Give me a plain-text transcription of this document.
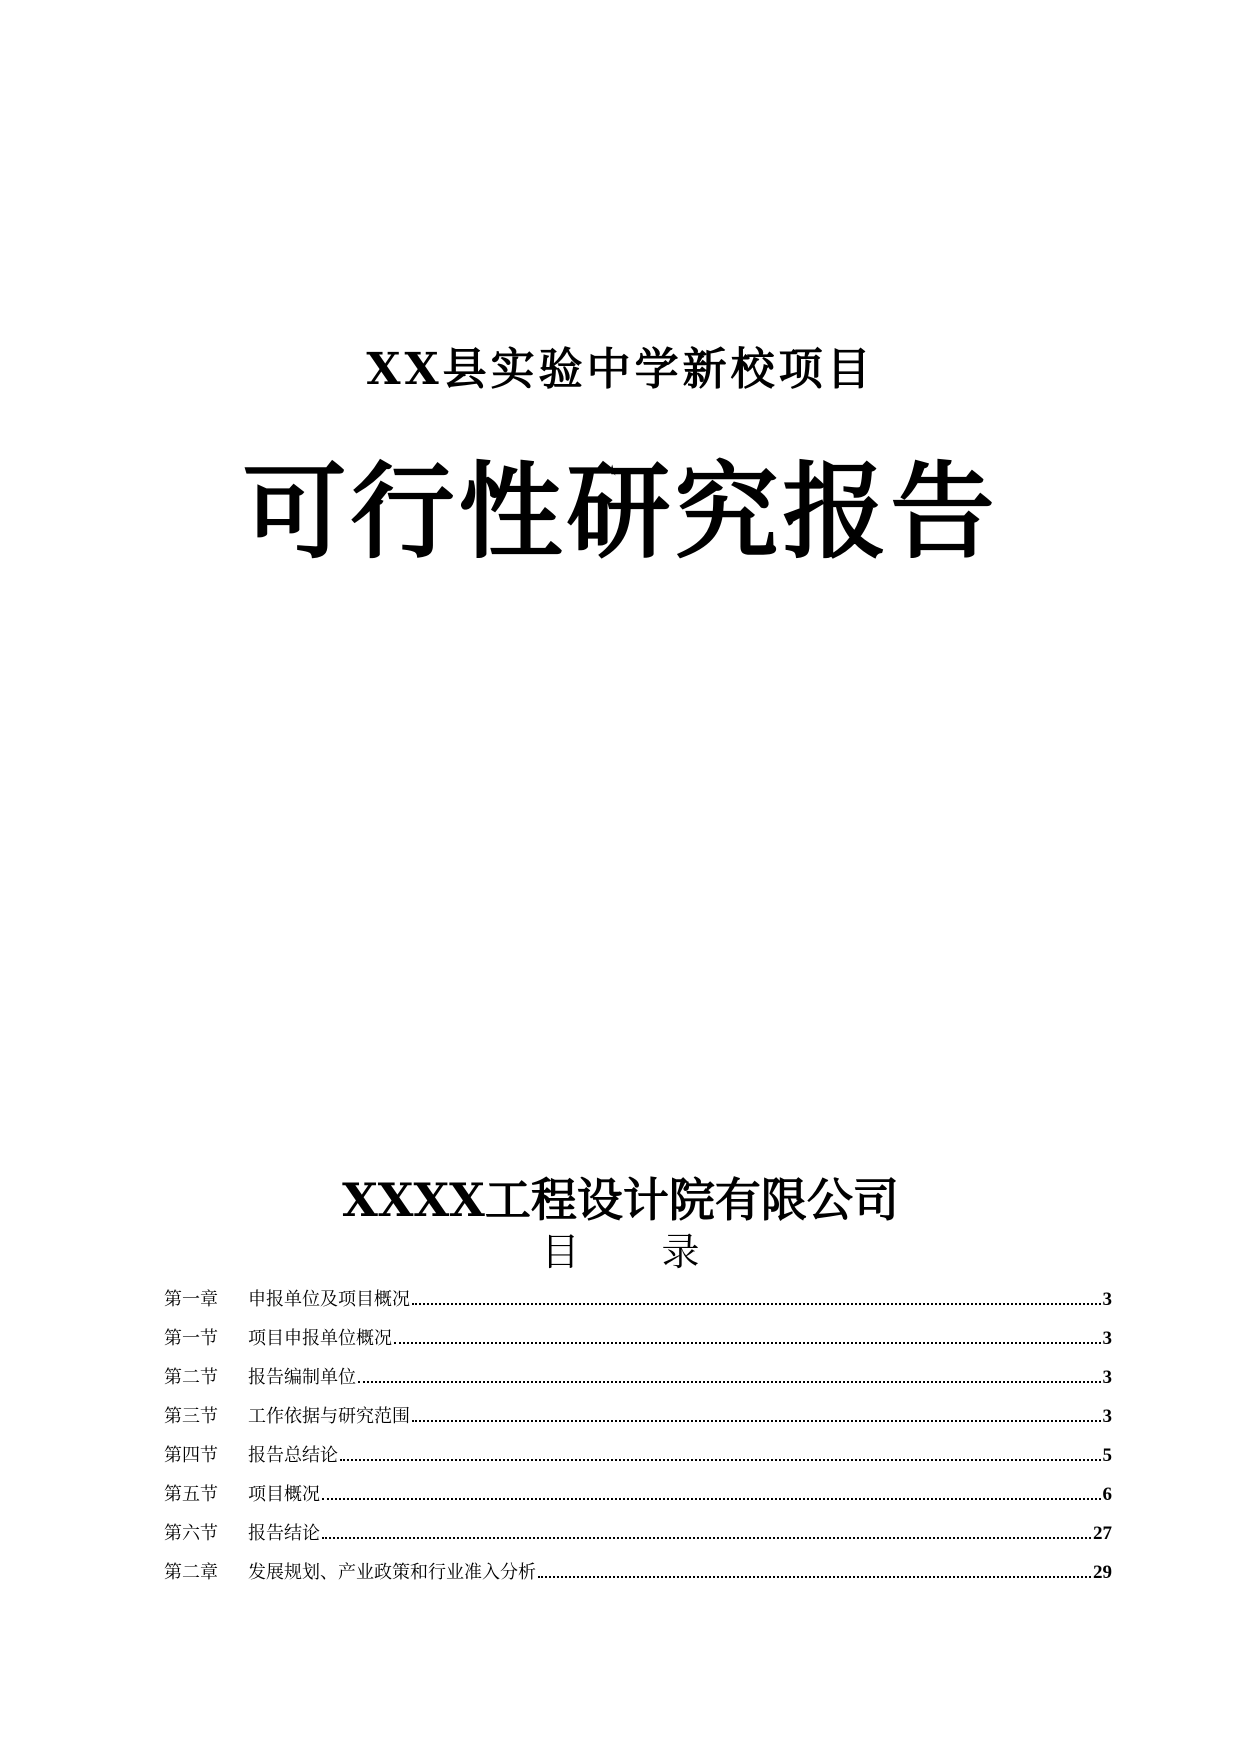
XX县实验中学新校项目
可行性研究报告
XXXX工程设计院有限公司
目 录
第一章	申报单位及项目概况	3
第一节	项目申报单位概况	3
第二节	报告编制单位	3
第三节	工作依据与研究范围	3
第四节	报告总结论	5
第五节	项目概况	6
第六节	报告结论	27
第二章	发展规划、产业政策和行业准入分析	29
